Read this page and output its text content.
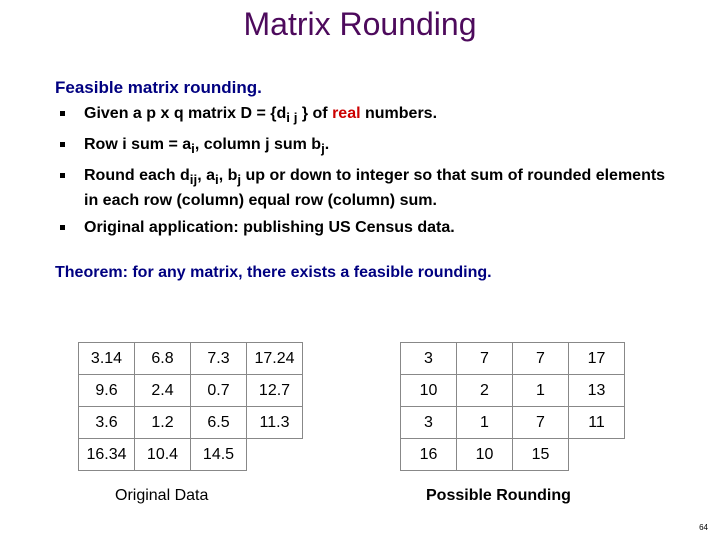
Matrix Rounding
Feasible matrix rounding.
Given a p x q matrix $D = \{d_{i j}$ } of real numbers.
Row i sum = $a_i$, column j sum $b_j$.
Round each $d_{ij}$, $a_i$, $b_j$ up or down to integer so that sum of rounded elements in each row (column) equal row (column) sum.
Original application: publishing US Census data.
Theorem: for any matrix, there exists a feasible rounding.
3.14	6.8	7.3	17.24
9.6	2.4	0.7	12.7
3.6	1.2	6.5	11.3
16.34	10.4	14.5	
3	7	7	17
10	2	1	13
3	1	7	11
16	10	15	
Original Data	Possible Rounding
64
